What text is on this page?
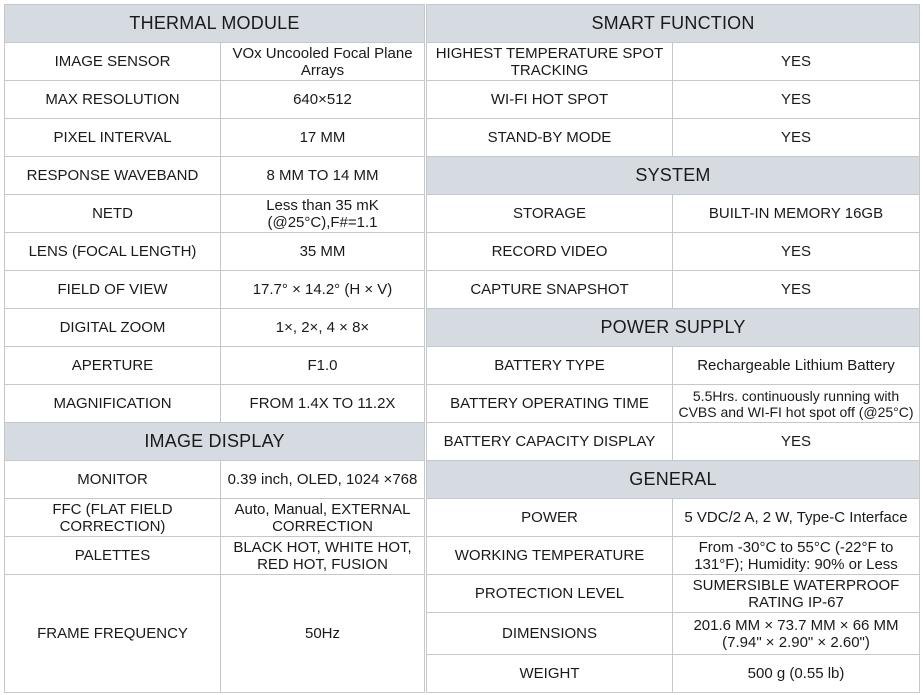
THERMAL MODULE	
IMAGE SENSOR	VOx Uncooled Focal Plane Arrays
MAX RESOLUTION	640×512
PIXEL INTERVAL	17 MM
RESPONSE WAVEBAND	8 MM TO 14 MM
NETD	Less than 35 mK (@25°C),F#=1.1
LENS (FOCAL LENGTH)	35 MM
FIELD OF VIEW	17.7° × 14.2° (H × V)
DIGITAL ZOOM	1×, 2×, 4 × 8×
APERTURE	F1.0
MAGNIFICATION	FROM 1.4X TO 11.2X
IMAGE DISPLAY	
MONITOR	0.39 inch, OLED, 1024 ×768
FFC (FLAT FIELD CORRECTION)	Auto, Manual, EXTERNAL CORRECTION
PALETTES	BLACK HOT, WHITE HOT, RED HOT, FUSION
FRAME FREQUENCY	50Hz
SMART FUNCTION	
HIGHEST TEMPERATURE SPOT TRACKING	YES
WI-FI HOT SPOT	YES
STAND-BY MODE	YES
SYSTEM	
STORAGE	BUILT-IN MEMORY 16GB
RECORD VIDEO	YES
CAPTURE SNAPSHOT	YES
POWER SUPPLY	
BATTERY TYPE	Rechargeable Lithium Battery
BATTERY OPERATING TIME	5.5Hrs. continuously running with CVBS and WI-FI hot spot off (@25°C)
BATTERY CAPACITY DISPLAY	YES
GENERAL	
POWER	5 VDC/2 A, 2 W, Type-C Interface
WORKING TEMPERATURE	From -30°C to 55°C (-22°F to 131°F); Humidity: 90% or Less
PROTECTION LEVEL	SUMERSIBLE WATERPROOF RATING IP-67
DIMENSIONS	201.6 MM × 73.7 MM × 66 MM (7.94" × 2.90" × 2.60")
WEIGHT	500 g (0.55 lb)
